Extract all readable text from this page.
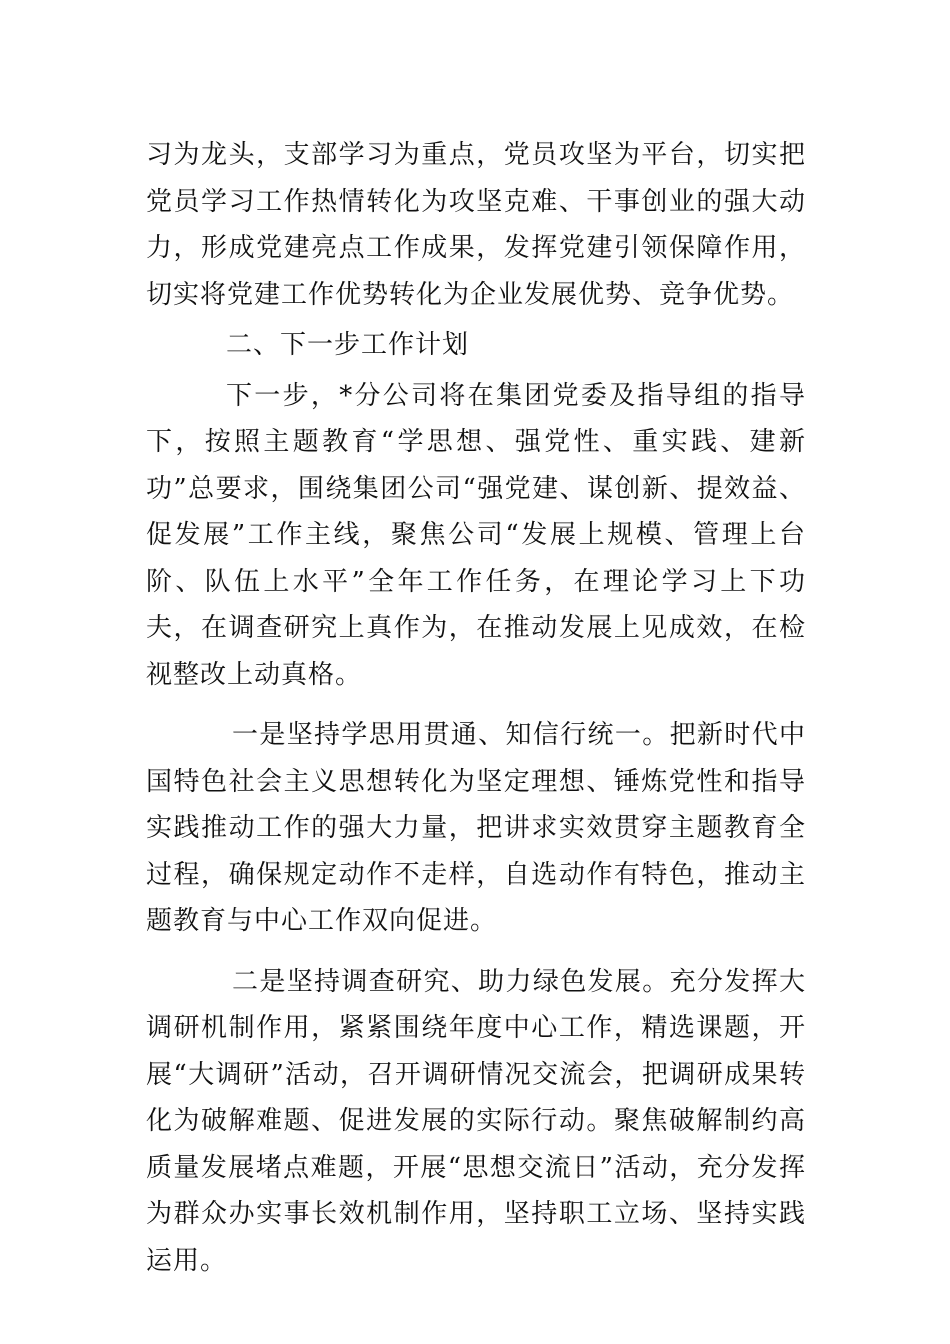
习为龙头，支部学习为重点，党员攻坚为平台，切实把党员学习工作热情转化为攻坚克难、干事创业的强大动力，形成党建亮点工作成果，发挥党建引领保障作用，切实将党建工作优势转化为企业发展优势、竞争优势。

二、下一步工作计划

下一步，*分公司将在集团党委及指导组的指导下，按照主题教育“学思想、强党性、重实践、建新功”总要求，围绕集团公司“强党建、谋创新、提效益、促发展”工作主线，聚焦公司“发展上规模、管理上台阶、队伍上水平”全年工作任务，在理论学习上下功夫，在调查研究上真作为，在推动发展上见成效，在检视整改上动真格。

一是坚持学思用贯通、知信行统一。把新时代中国特色社会主义思想转化为坚定理想、锤炼党性和指导实践推动工作的强大力量，把讲求实效贯穿主题教育全过程，确保规定动作不走样，自选动作有特色，推动主题教育与中心工作双向促进。

二是坚持调查研究、助力绿色发展。充分发挥大调研机制作用，紧紧围绕年度中心工作，精选课题，开展“大调研”活动，召开调研情况交流会，把调研成果转化为破解难题、促进发展的实际行动。聚焦破解制约高质量发展堵点难题，开展“思想交流日”活动，充分发挥为群众办实事长效机制作用，坚持职工立场、坚持实践运用。
